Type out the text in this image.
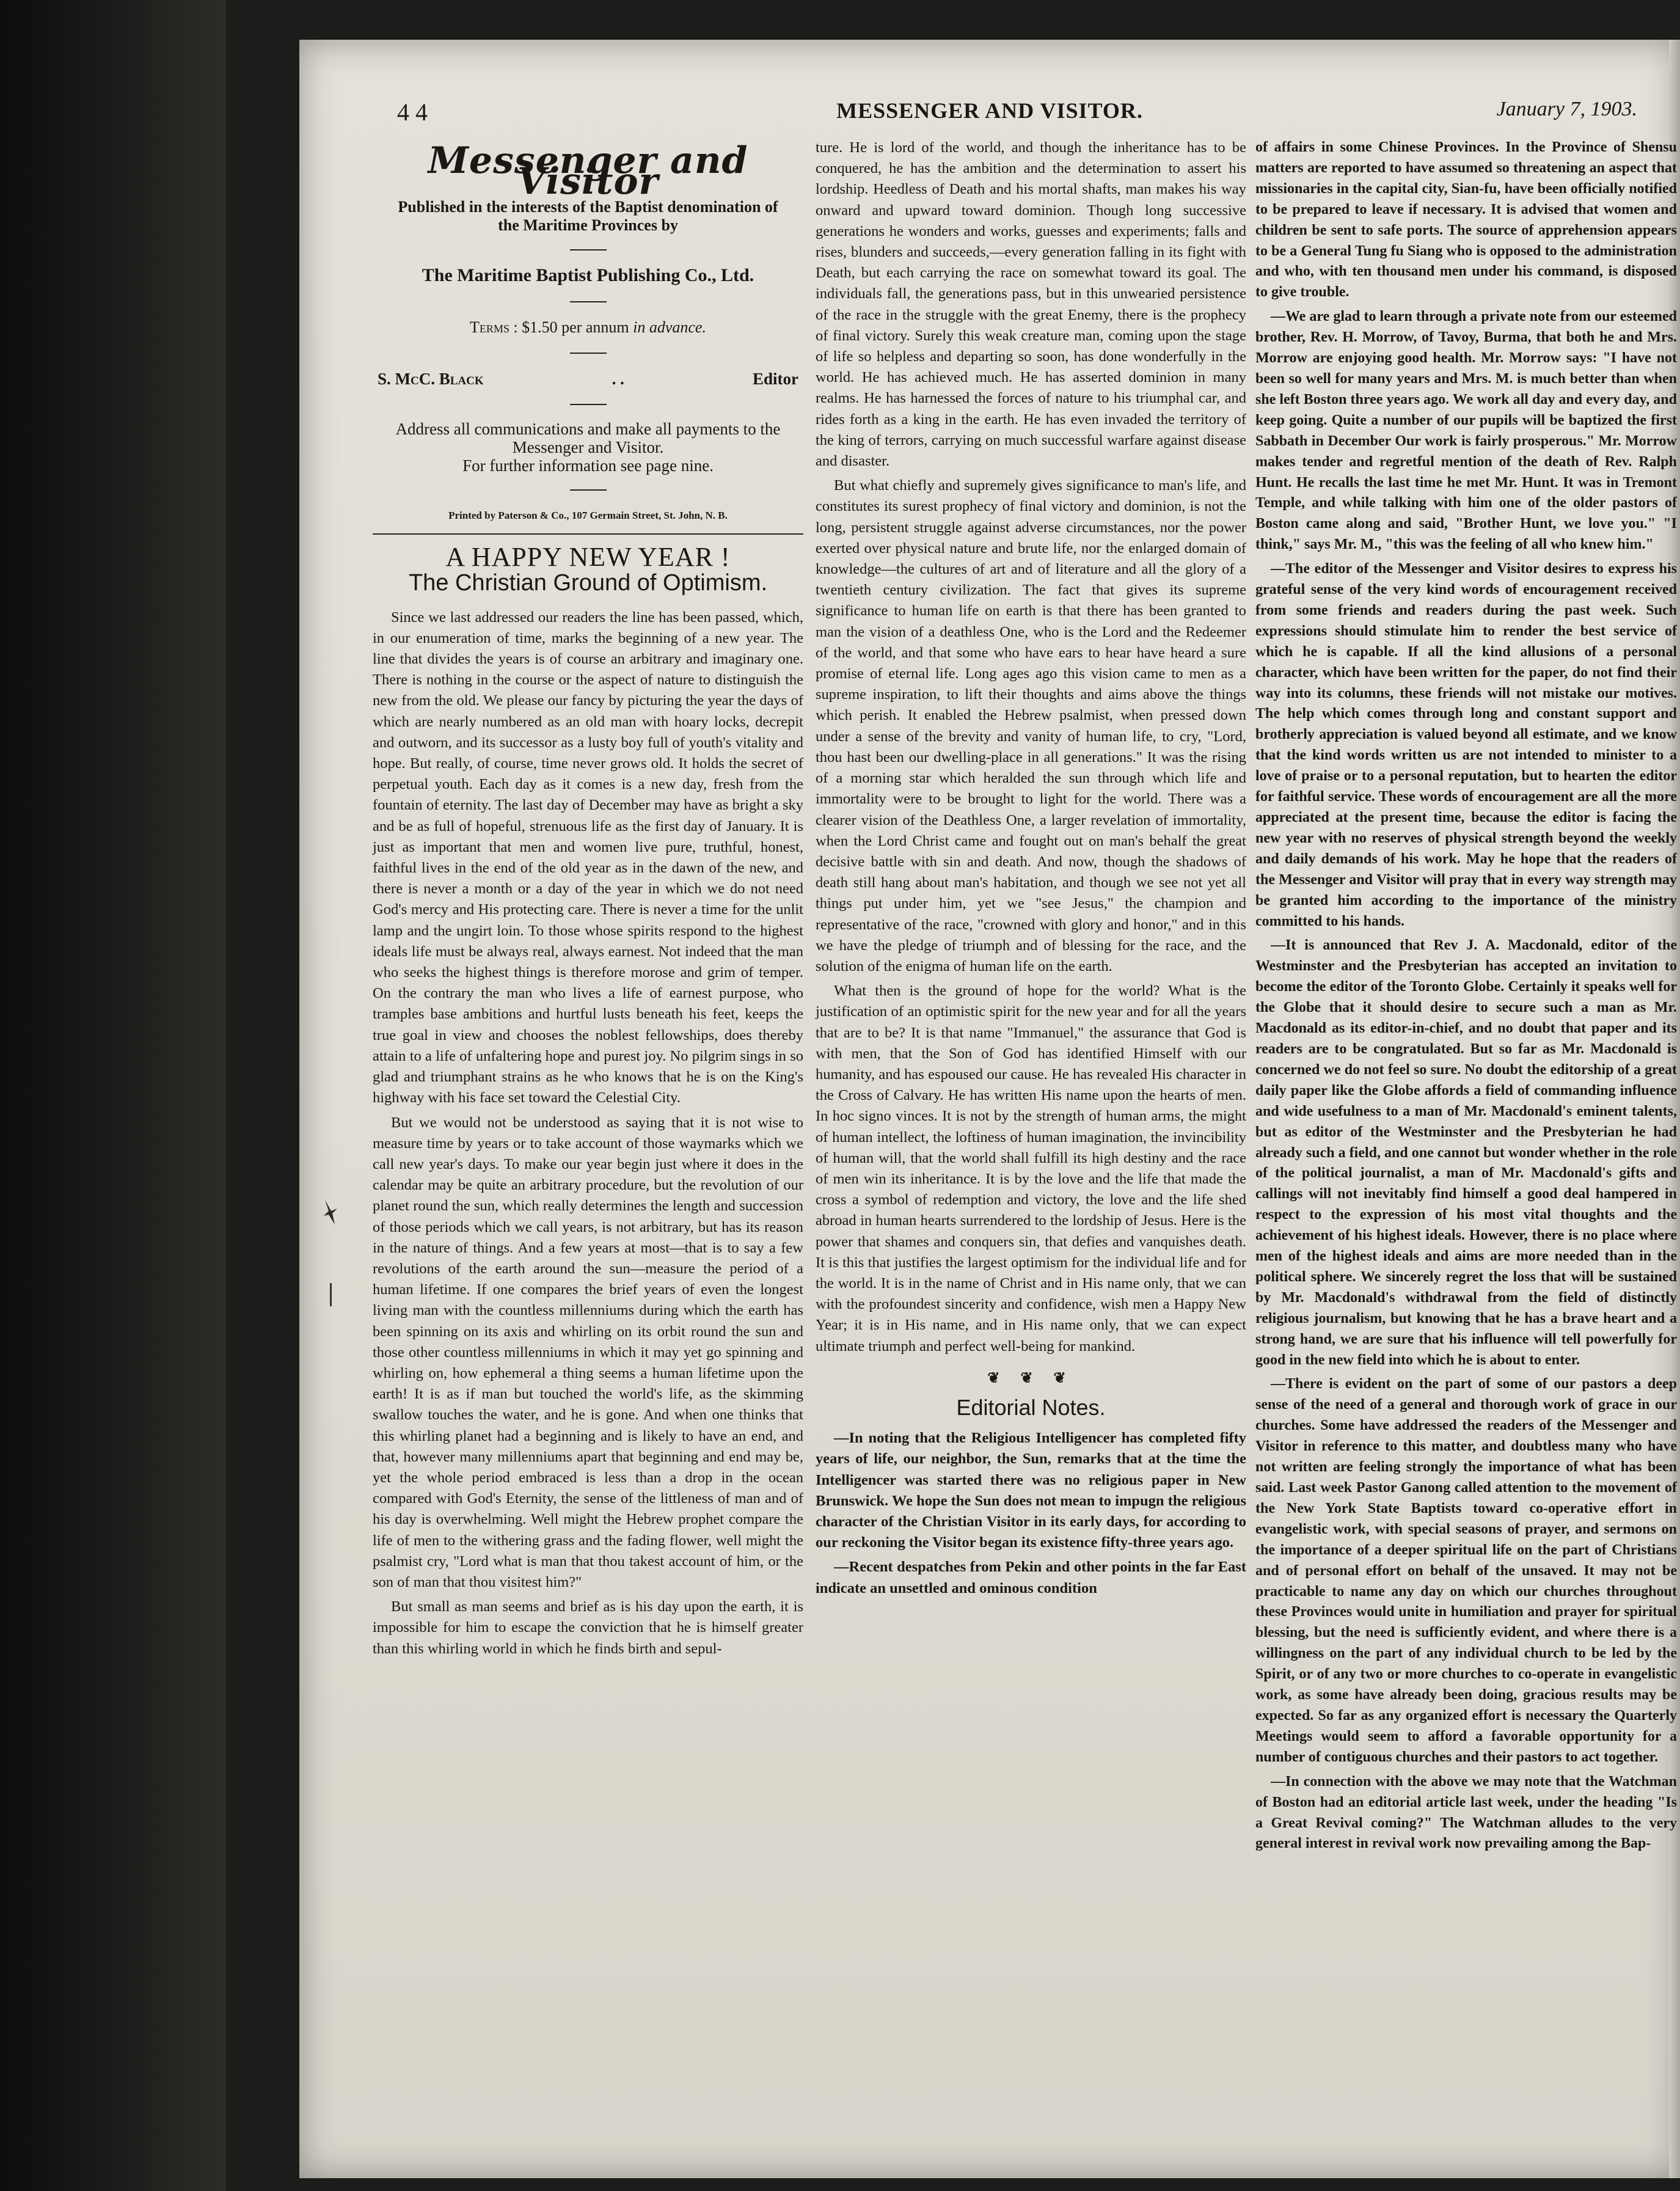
MESSENGER AND VISITOR.
4 4	January 7, 1903.
Messenger and Visitor
Published in the interests of the Baptist denomination of the Maritime Provinces by
The Maritime Baptist Publishing Co., Ltd.
Terms : $1.50 per annum in advance.
S. McC. Black	. .	Editor
Address all communications and make all payments to the Messenger and Visitor.
For further information see page nine.
Printed by Paterson & Co., 107 Germain Street, St. John, N. B.
A HAPPY NEW YEAR !
The Christian Ground of Optimism.

Since we last addressed our readers the line has been passed, which, in our enumeration of time, marks the beginning of a new year. The line that divides the years is of course an arbitrary and imaginary one. There is nothing in the course or the aspect of nature to distinguish the new from the old. We please our fancy by picturing the year the days of which are nearly numbered as an old man with hoary locks, decrepit and outworn, and its successor as a lusty boy full of youth's vitality and hope. But really, of course, time never grows old. It holds the secret of perpetual youth. Each day as it comes is a new day, fresh from the fountain of eternity. The last day of December may have as bright a sky and be as full of hopeful, strenuous life as the first day of January. It is just as important that men and women live pure, truthful, honest, faithful lives in the end of the old year as in the dawn of the new, and there is never a month or a day of the year in which we do not need God's mercy and His protecting care. There is never a time for the unlit lamp and the ungirt loin. To those whose spirits respond to the highest ideals life must be always real, always earnest. Not indeed that the man who seeks the highest things is therefore morose and grim of temper. On the contrary the man who lives a life of earnest purpose, who tramples base ambitions and hurtful lusts beneath his feet, keeps the true goal in view and chooses the noblest fellowships, does thereby attain to a life of unfaltering hope and purest joy. No pilgrim sings in so glad and triumphant strains as he who knows that he is on the King's highway with his face set toward the Celestial City.

But we would not be understood as saying that it is not wise to measure time by years or to take account of those waymarks which we call new year's days. To make our year begin just where it does in the calendar may be quite an arbitrary procedure, but the revolution of our planet round the sun, which really determines the length and succession of those periods which we call years, is not arbitrary, but has its reason in the nature of things. And a few years at most—that is to say a few revolutions of the earth around the sun—measure the period of a human lifetime. If one compares the brief years of even the longest living man with the countless millenniums during which the earth has been spinning on its axis and whirling on its orbit round the sun and those other countless millenniums in which it may yet go spinning and whirling on, how ephemeral a thing seems a human lifetime upon the earth! It is as if man but touched the world's life, as the skimming swallow touches the water, and he is gone. And when one thinks that this whirling planet had a beginning and is likely to have an end, and that, however many millenniums apart that beginning and end may be, yet the whole period embraced is less than a drop in the ocean compared with God's Eternity, the sense of the littleness of man and of his day is overwhelming. Well might the Hebrew prophet compare the life of men to the withering grass and the fading flower, well might the psalmist cry, "Lord what is man that thou takest account of him, or the son of man that thou visitest him?"

But small as man seems and brief as is his day upon the earth, it is impossible for him to escape the conviction that he is himself greater than this whirling world in which he finds birth and sepul-

ture. He is lord of the world, and though the inheritance has to be conquered, he has the ambition and the determination to assert his lordship. Heedless of Death and his mortal shafts, man makes his way onward and upward toward dominion. Though long successive generations he wonders and works, guesses and experiments; falls and rises, blunders and succeeds,—every generation falling in its fight with Death, but each carrying the race on somewhat toward its goal. The individuals fall, the generations pass, but in this unwearied persistence of the race in the struggle with the great Enemy, there is the prophecy of final victory. Surely this weak creature man, coming upon the stage of life so helpless and departing so soon, has done wonderfully in the world. He has achieved much. He has asserted dominion in many realms. He has harnessed the forces of nature to his triumphal car, and rides forth as a king in the earth. He has even invaded the territory of the king of terrors, carrying on much successful warfare against disease and disaster.

But what chiefly and supremely gives significance to man's life, and constitutes its surest prophecy of final victory and dominion, is not the long, persistent struggle against adverse circumstances, nor the power exerted over physical nature and brute life, nor the enlarged domain of knowledge—the cultures of art and of literature and all the glory of a twentieth century civilization. The fact that gives its supreme significance to human life on earth is that there has been granted to man the vision of a deathless One, who is the Lord and the Redeemer of the world, and that some who have ears to hear have heard a sure promise of eternal life. Long ages ago this vision came to men as a supreme inspiration, to lift their thoughts and aims above the things which perish. It enabled the Hebrew psalmist, when pressed down under a sense of the brevity and vanity of human life, to cry, "Lord, thou hast been our dwelling-place in all generations." It was the rising of a morning star which heralded the sun through which life and immortality were to be brought to light for the world. There was a clearer vision of the Deathless One, a larger revelation of immortality, when the Lord Christ came and fought out on man's behalf the great decisive battle with sin and death. And now, though the shadows of death still hang about man's habitation, and though we see not yet all things put under him, yet we "see Jesus," the champion and representative of the race, "crowned with glory and honor," and in this we have the pledge of triumph and of blessing for the race, and the solution of the enigma of human life on the earth.

What then is the ground of hope for the world? What is the justification of an optimistic spirit for the new year and for all the years that are to be? It is that name "Immanuel," the assurance that God is with men, that the Son of God has identified Himself with our humanity, and has espoused our cause. He has revealed His character in the Cross of Calvary. He has written His name upon the hearts of men. In hoc signo vinces. It is not by the strength of human arms, the might of human intellect, the loftiness of human imagination, the invincibility of human will, that the world shall fulfill its high destiny and the race of men win its inheritance. It is by the love and the life that made the cross a symbol of redemption and victory, the love and the life shed abroad in human hearts surrendered to the lordship of Jesus. Here is the power that shames and conquers sin, that defies and vanquishes death. It is this that justifies the largest optimism for the individual life and for the world. It is in the name of Christ and in His name only, that we can with the profoundest sincerity and confidence, wish men a Happy New Year; it is in His name, and in His name only, that we can expect ultimate triumph and perfect well-being for mankind.

❦ ❦ ❦
Editorial Notes.

—In noting that the Religious Intelligencer has completed fifty years of life, our neighbor, the Sun, remarks that at the time the Intelligencer was started there was no religious paper in New Brunswick. We hope the Sun does not mean to impugn the religious character of the Christian Visitor in its early days, for according to our reckoning the Visitor began its existence fifty-three years ago.

—Recent despatches from Pekin and other points in the far East indicate an unsettled and ominous condition

of affairs in some Chinese Provinces. In the Province of Shensu matters are reported to have assumed so threatening an aspect that missionaries in the capital city, Sian-fu, have been officially notified to be prepared to leave if necessary. It is advised that women and children be sent to safe ports. The source of apprehension appears to be a General Tung fu Siang who is opposed to the administration and who, with ten thousand men under his command, is disposed to give trouble.

—We are glad to learn through a private note from our esteemed brother, Rev. H. Morrow, of Tavoy, Burma, that both he and Mrs. Morrow are enjoying good health. Mr. Morrow says: "I have not been so well for many years and Mrs. M. is much better than when she left Boston three years ago. We work all day and every day, and keep going. Quite a number of our pupils will be baptized the first Sabbath in December Our work is fairly prosperous." Mr. Morrow makes tender and regretful mention of the death of Rev. Ralph Hunt. He recalls the last time he met Mr. Hunt. It was in Tremont Temple, and while talking with him one of the older pastors of Boston came along and said, "Brother Hunt, we love you." "I think," says Mr. M., "this was the feeling of all who knew him."

—The editor of the Messenger and Visitor desires to express his grateful sense of the very kind words of encouragement received from some friends and readers during the past week. Such expressions should stimulate him to render the best service of which he is capable. If all the kind allusions of a personal character, which have been written for the paper, do not find their way into its columns, these friends will not mistake our motives. The help which comes through long and constant support and brotherly appreciation is valued beyond all estimate, and we know that the kind words written us are not intended to minister to a love of praise or to a personal reputation, but to hearten the editor for faithful service. These words of encouragement are all the more appreciated at the present time, because the editor is facing the new year with no reserves of physical strength beyond the weekly and daily demands of his work. May he hope that the readers of the Messenger and Visitor will pray that in every way strength may be granted him according to the importance of the ministry committed to his hands.

—It is announced that Rev J. A. Macdonald, editor of the Westminster and the Presbyterian has accepted an invitation to become the editor of the Toronto Globe. Certainly it speaks well for the Globe that it should desire to secure such a man as Mr. Macdonald as its editor-in-chief, and no doubt that paper and its readers are to be congratulated. But so far as Mr. Macdonald is concerned we do not feel so sure. No doubt the editorship of a great daily paper like the Globe affords a field of commanding influence and wide usefulness to a man of Mr. Macdonald's eminent talents, but as editor of the Westminster and the Presbyterian he had already such a field, and one cannot but wonder whether in the role of the political journalist, a man of Mr. Macdonald's gifts and callings will not inevitably find himself a good deal hampered in respect to the expression of his most vital thoughts and the achievement of his highest ideals. However, there is no place where men of the highest ideals and aims are more needed than in the political sphere. We sincerely regret the loss that will be sustained by Mr. Macdonald's withdrawal from the field of distinctly religious journalism, but knowing that he has a brave heart and a strong hand, we are sure that his influence will tell powerfully for good in the new field into which he is about to enter.

—There is evident on the part of some of our pastors a deep sense of the need of a general and thorough work of grace in our churches. Some have addressed the readers of the Messenger and Visitor in reference to this matter, and doubtless many who have not written are feeling strongly the importance of what has been said. Last week Pastor Ganong called attention to the movement of the New York State Baptists toward co-operative effort in evangelistic work, with special seasons of prayer, and sermons on the importance of a deeper spiritual life on the part of Christians and of personal effort on behalf of the unsaved. It may not be practicable to name any day on which our churches throughout these Provinces would unite in humiliation and prayer for spiritual blessing, but the need is sufficiently evident, and where there is a willingness on the part of any individual church to be led by the Spirit, or of any two or more churches to co-operate in evangelistic work, as some have already been doing, gracious results may be expected. So far as any organized effort is necessary the Quarterly Meetings would seem to afford a favorable opportunity for a number of contiguous churches and their pastors to act together.

—In connection with the above we may note that the Watchman of Boston had an editorial article last week, under the heading "Is a Great Revival coming?" The Watchman alludes to the very general interest in revival work now prevailing among the Bap-
